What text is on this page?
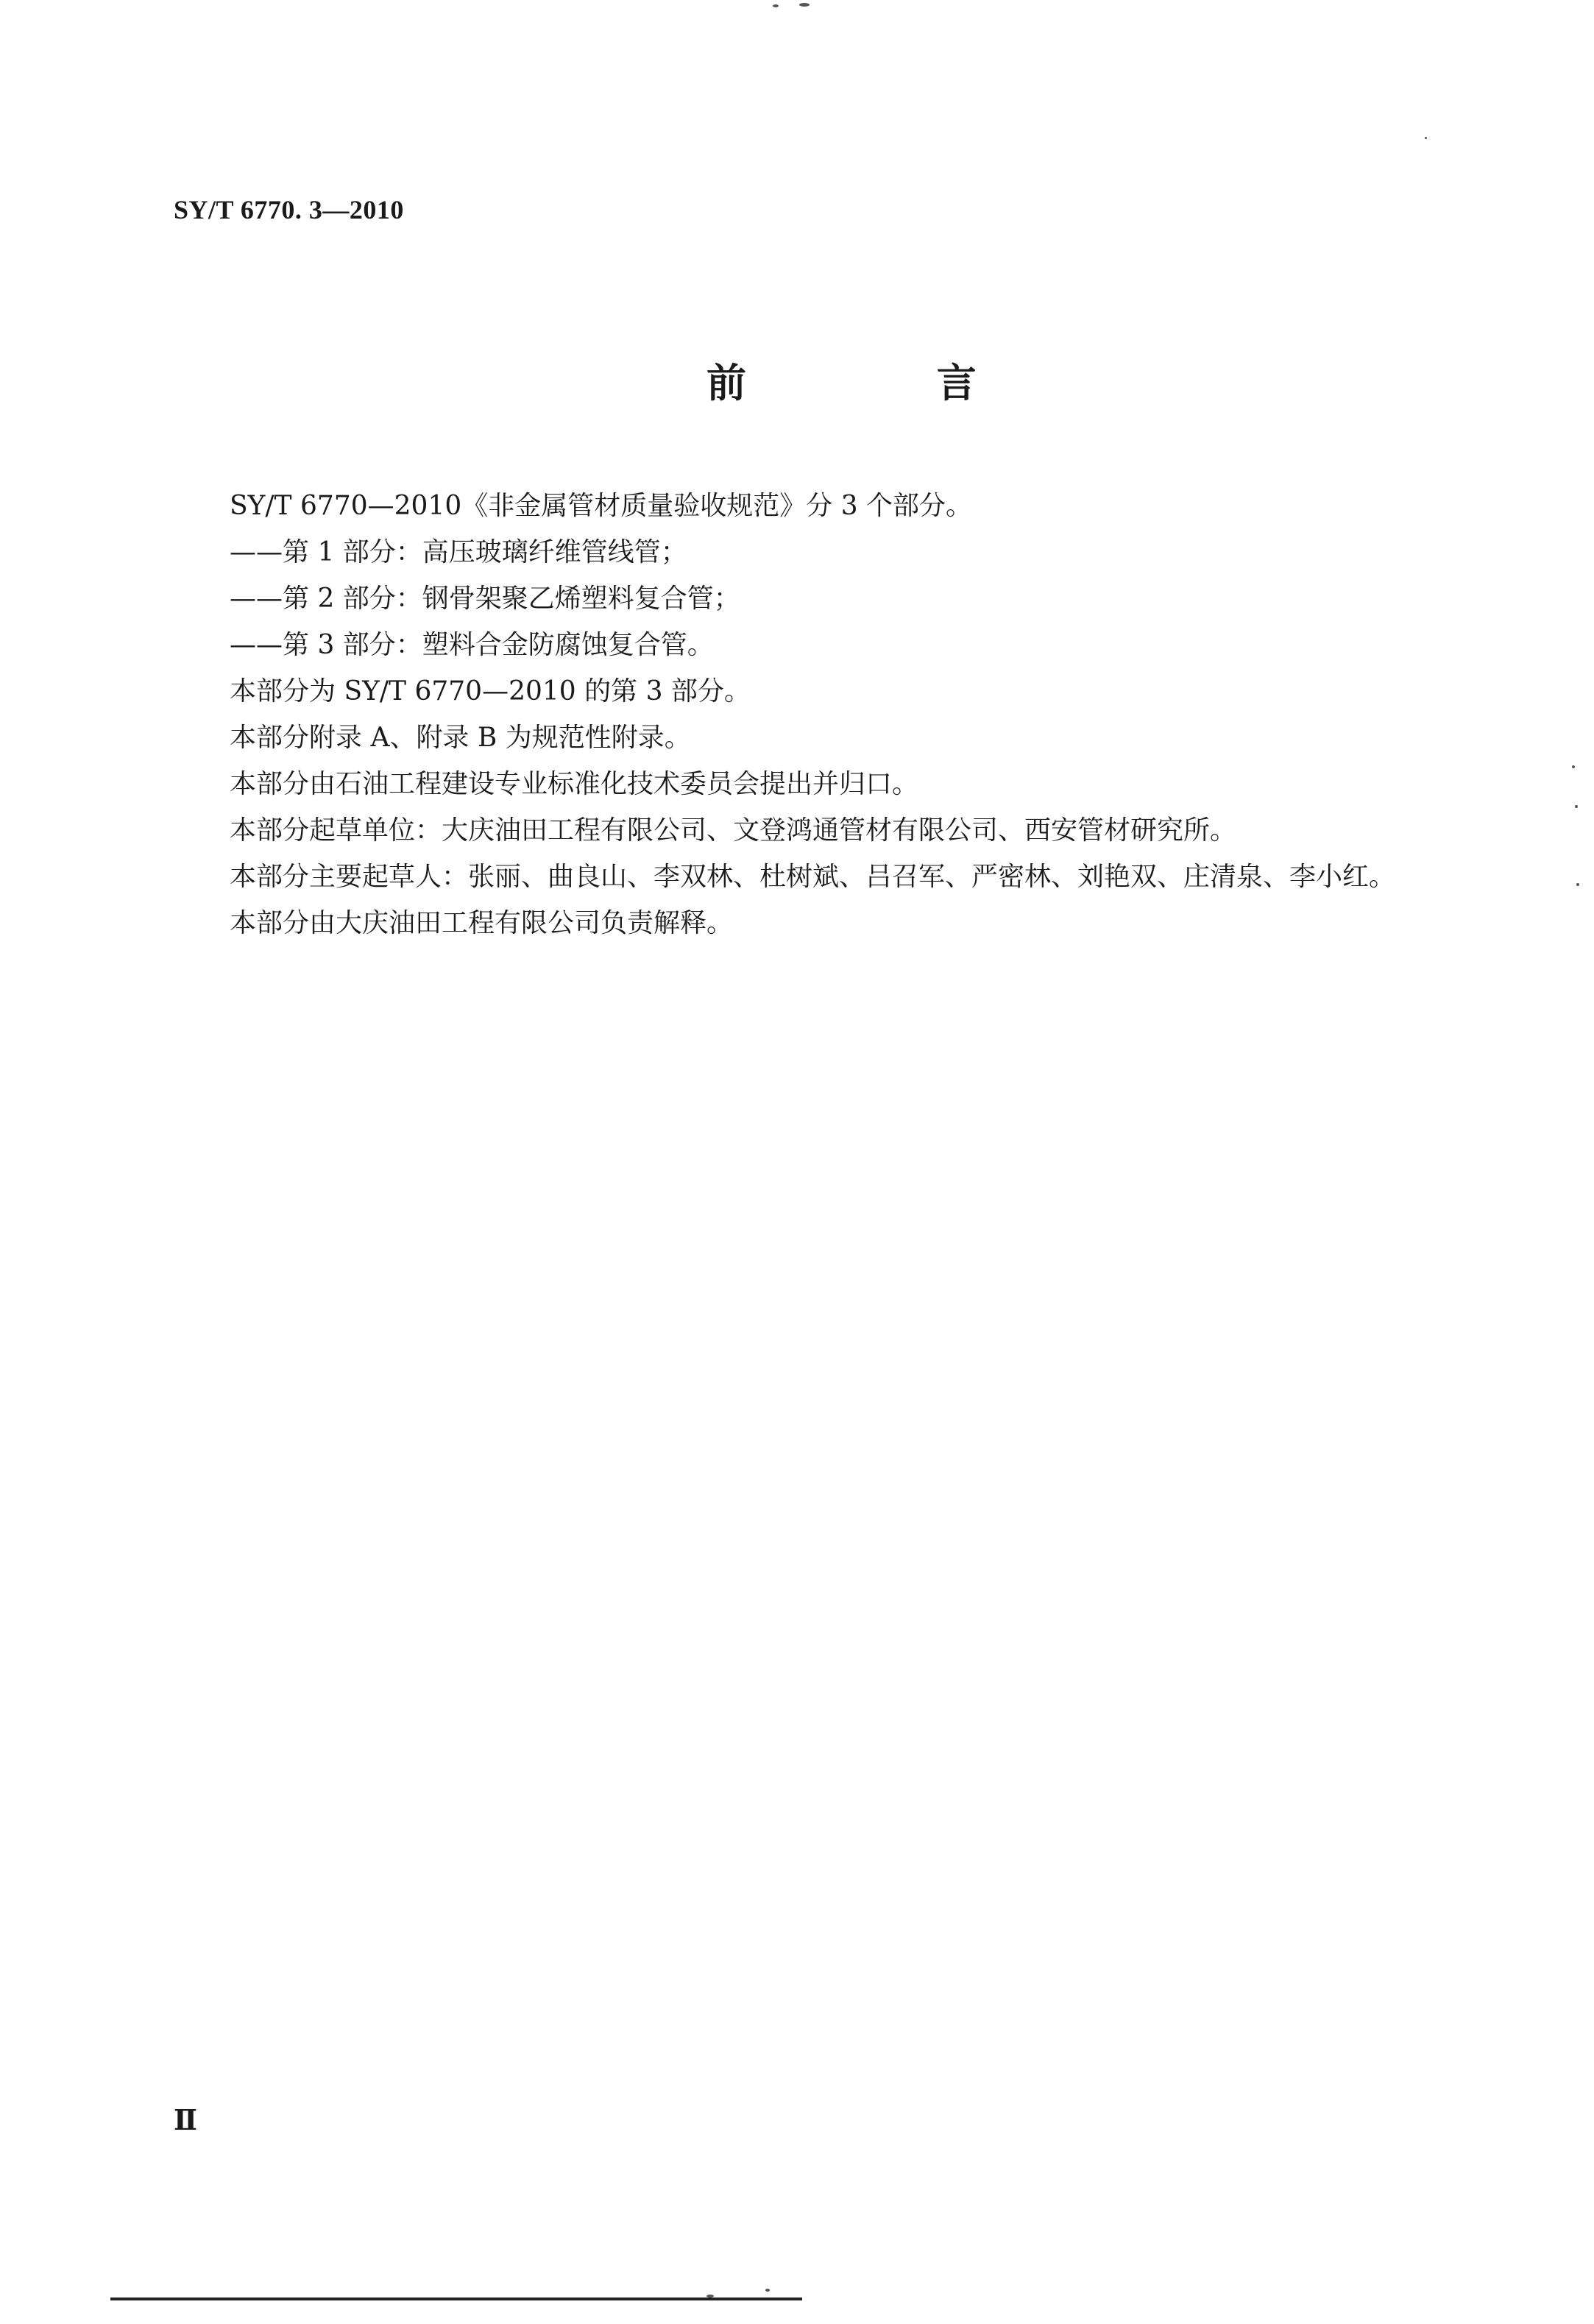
SY/T 6770. 3—2010
前 言

SY/T 6770—2010《非金属管材质量验收规范》分 3 个部分。

——第 1 部分：高压玻璃纤维管线管；

——第 2 部分：钢骨架聚乙烯塑料复合管；

——第 3 部分：塑料合金防腐蚀复合管。

本部分为 SY/T 6770—2010 的第 3 部分。

本部分附录 A、附录 B 为规范性附录。

本部分由石油工程建设专业标准化技术委员会提出并归口。

本部分起草单位：大庆油田工程有限公司、文登鸿通管材有限公司、西安管材研究所。

本部分主要起草人：张丽、曲良山、李双林、杜树斌、吕召军、严密林、刘艳双、庄清泉、李小红。

本部分由大庆油田工程有限公司负责解释。

Ⅱ
